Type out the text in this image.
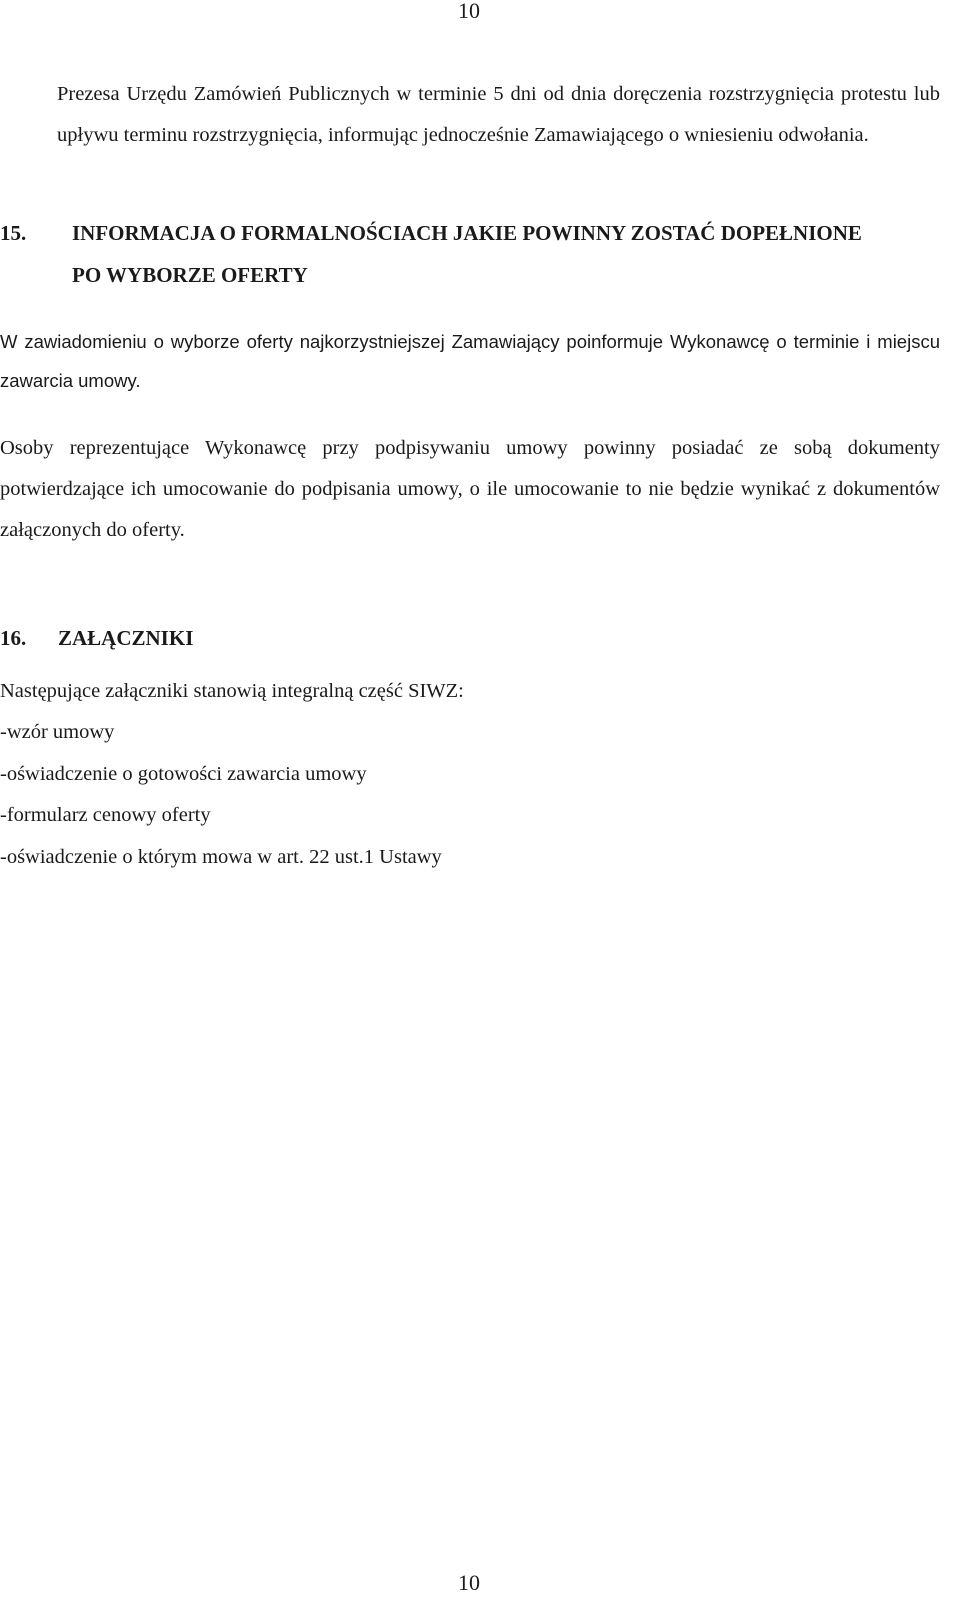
10

Prezesa Urzędu Zamówień Publicznych w terminie 5 dni od dnia doręczenia rozstrzygnięcia protestu lub upływu terminu rozstrzygnięcia, informując jednocześnie Zamawiającego o wniesieniu odwołania.

15. INFORMACJA O FORMALNOŚCIACH JAKIE POWINNY ZOSTAĆ DOPEŁNIONE PO WYBORZE OFERTY

W zawiadomieniu o wyborze oferty najkorzystniejszej Zamawiający poinformuje Wykonawcę o terminie i miejscu zawarcia umowy.

Osoby reprezentujące Wykonawcę przy podpisywaniu umowy powinny posiadać ze sobą dokumenty potwierdzające ich umocowanie do podpisania umowy, o ile umocowanie to nie będzie wynikać z dokumentów załączonych do oferty.

16. ZAŁĄCZNIKI

Następujące załączniki stanowią integralną część SIWZ:

-wzór umowy
-oświadczenie o gotowości zawarcia umowy
-formularz cenowy oferty
-oświadczenie o którym mowa w art. 22 ust.1 Ustawy
10
